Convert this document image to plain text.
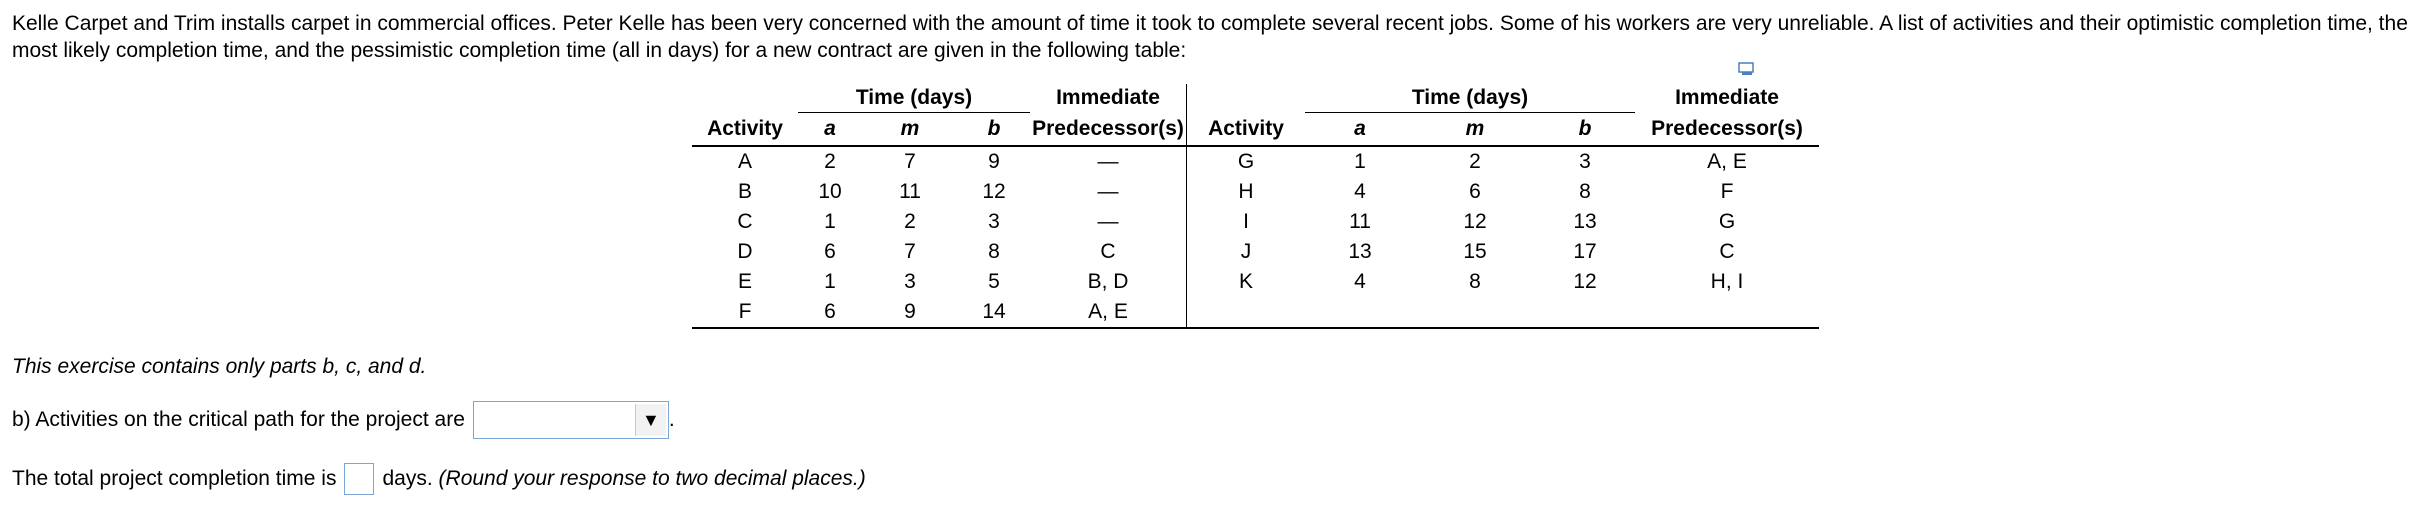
Kelle Carpet and Trim installs carpet in commercial offices. Peter Kelle has been very concerned with the amount of time it took to complete several recent jobs. Some of his workers are very unreliable. A list of activities and their optimistic completion time, the most likely completion time, and the pessimistic completion time (all in days) for a new contract are given in the following table:

	Time (days)			Immediate		Time (days)			Immediate
Activity	a	m	b	Predecessor(s)	Activity	a	m	b	Predecessor(s)
A	2	7	9	—	G	1	2	3	A, E
B	10	11	12	—	H	4	6	8	F
C	1	2	3	—	I	11	12	13	G
D	6	7	8	C	J	13	15	17	C
E	1	3	5	B, D	K	4	8	12	H, I
F	6	9	14	A, E					

This exercise contains only parts b, c, and d.

b) Activities on the critical path for the project are	▼ .
The total project completion time is days.
(Round your response to two decimal places.)
